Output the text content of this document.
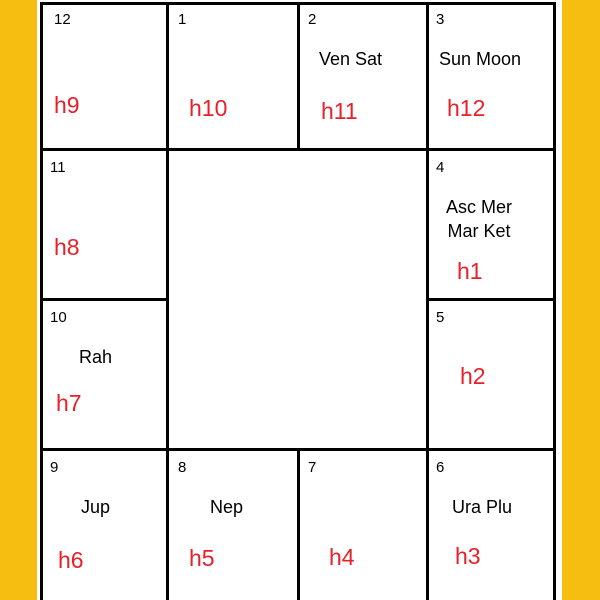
12
h9
1
h10
2
Ven Sat
h11
3
Sun Moon
h12
11
h8
4
Asc Mer
Mar Ket
h1
10
Rah
h7
5
h2
9
Jup
h6
8
Nep
h5
7
h4
6
Ura Plu
h3
